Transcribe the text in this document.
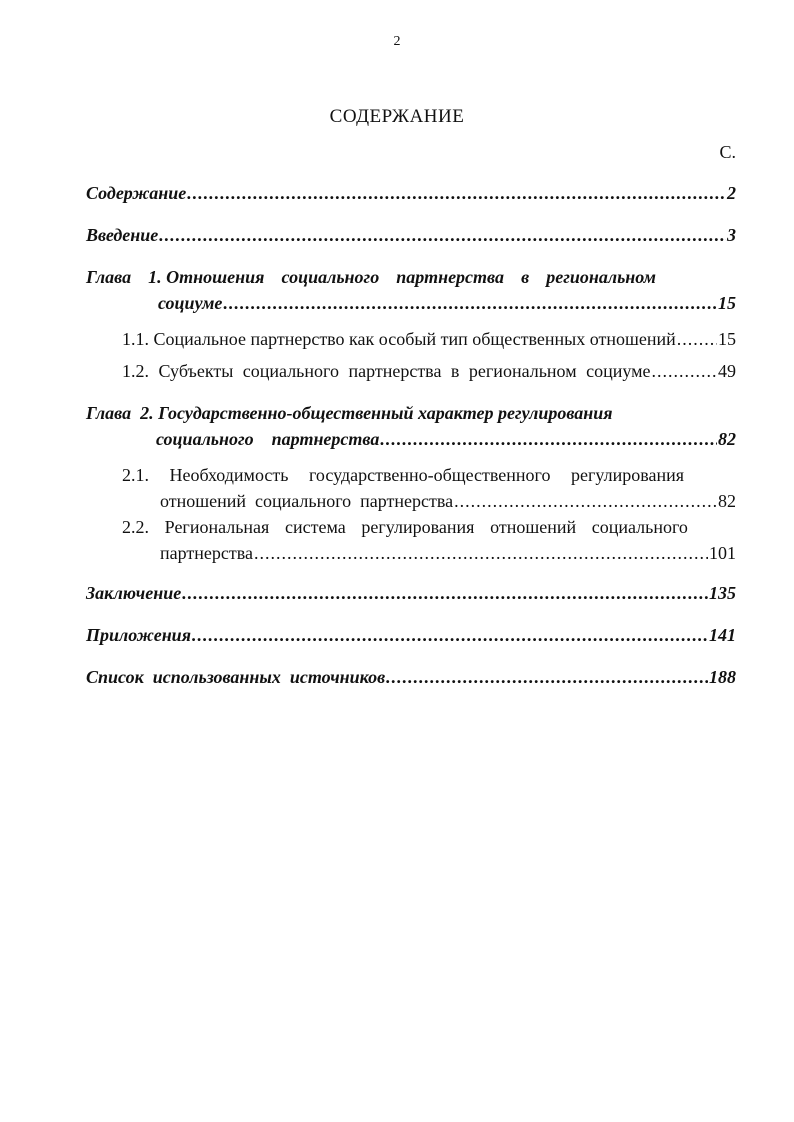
2
СОДЕРЖАНИЕ
С.
Содержание .....	2
Введение .....	3
Глава 1. Отношения социального партнерства в региональном
социуме .....	15
1.1. Социальное партнерство как особый тип общественных отношений ..... 15
1.2. Субъекты социального партнерства в региональном социуме .....	49
Глава  2. Государственно-общественный характер регулирования
социального    партнерства .....	82
2.1. Необходимость государственно-общественного регулирования
отношений  социального  партнерства .....	82
2.2. Региональная система регулирования отношений социального
партнерства .....	101
Заключение .....	135
Приложения .....	141
Список  использованных  источников .....	188
